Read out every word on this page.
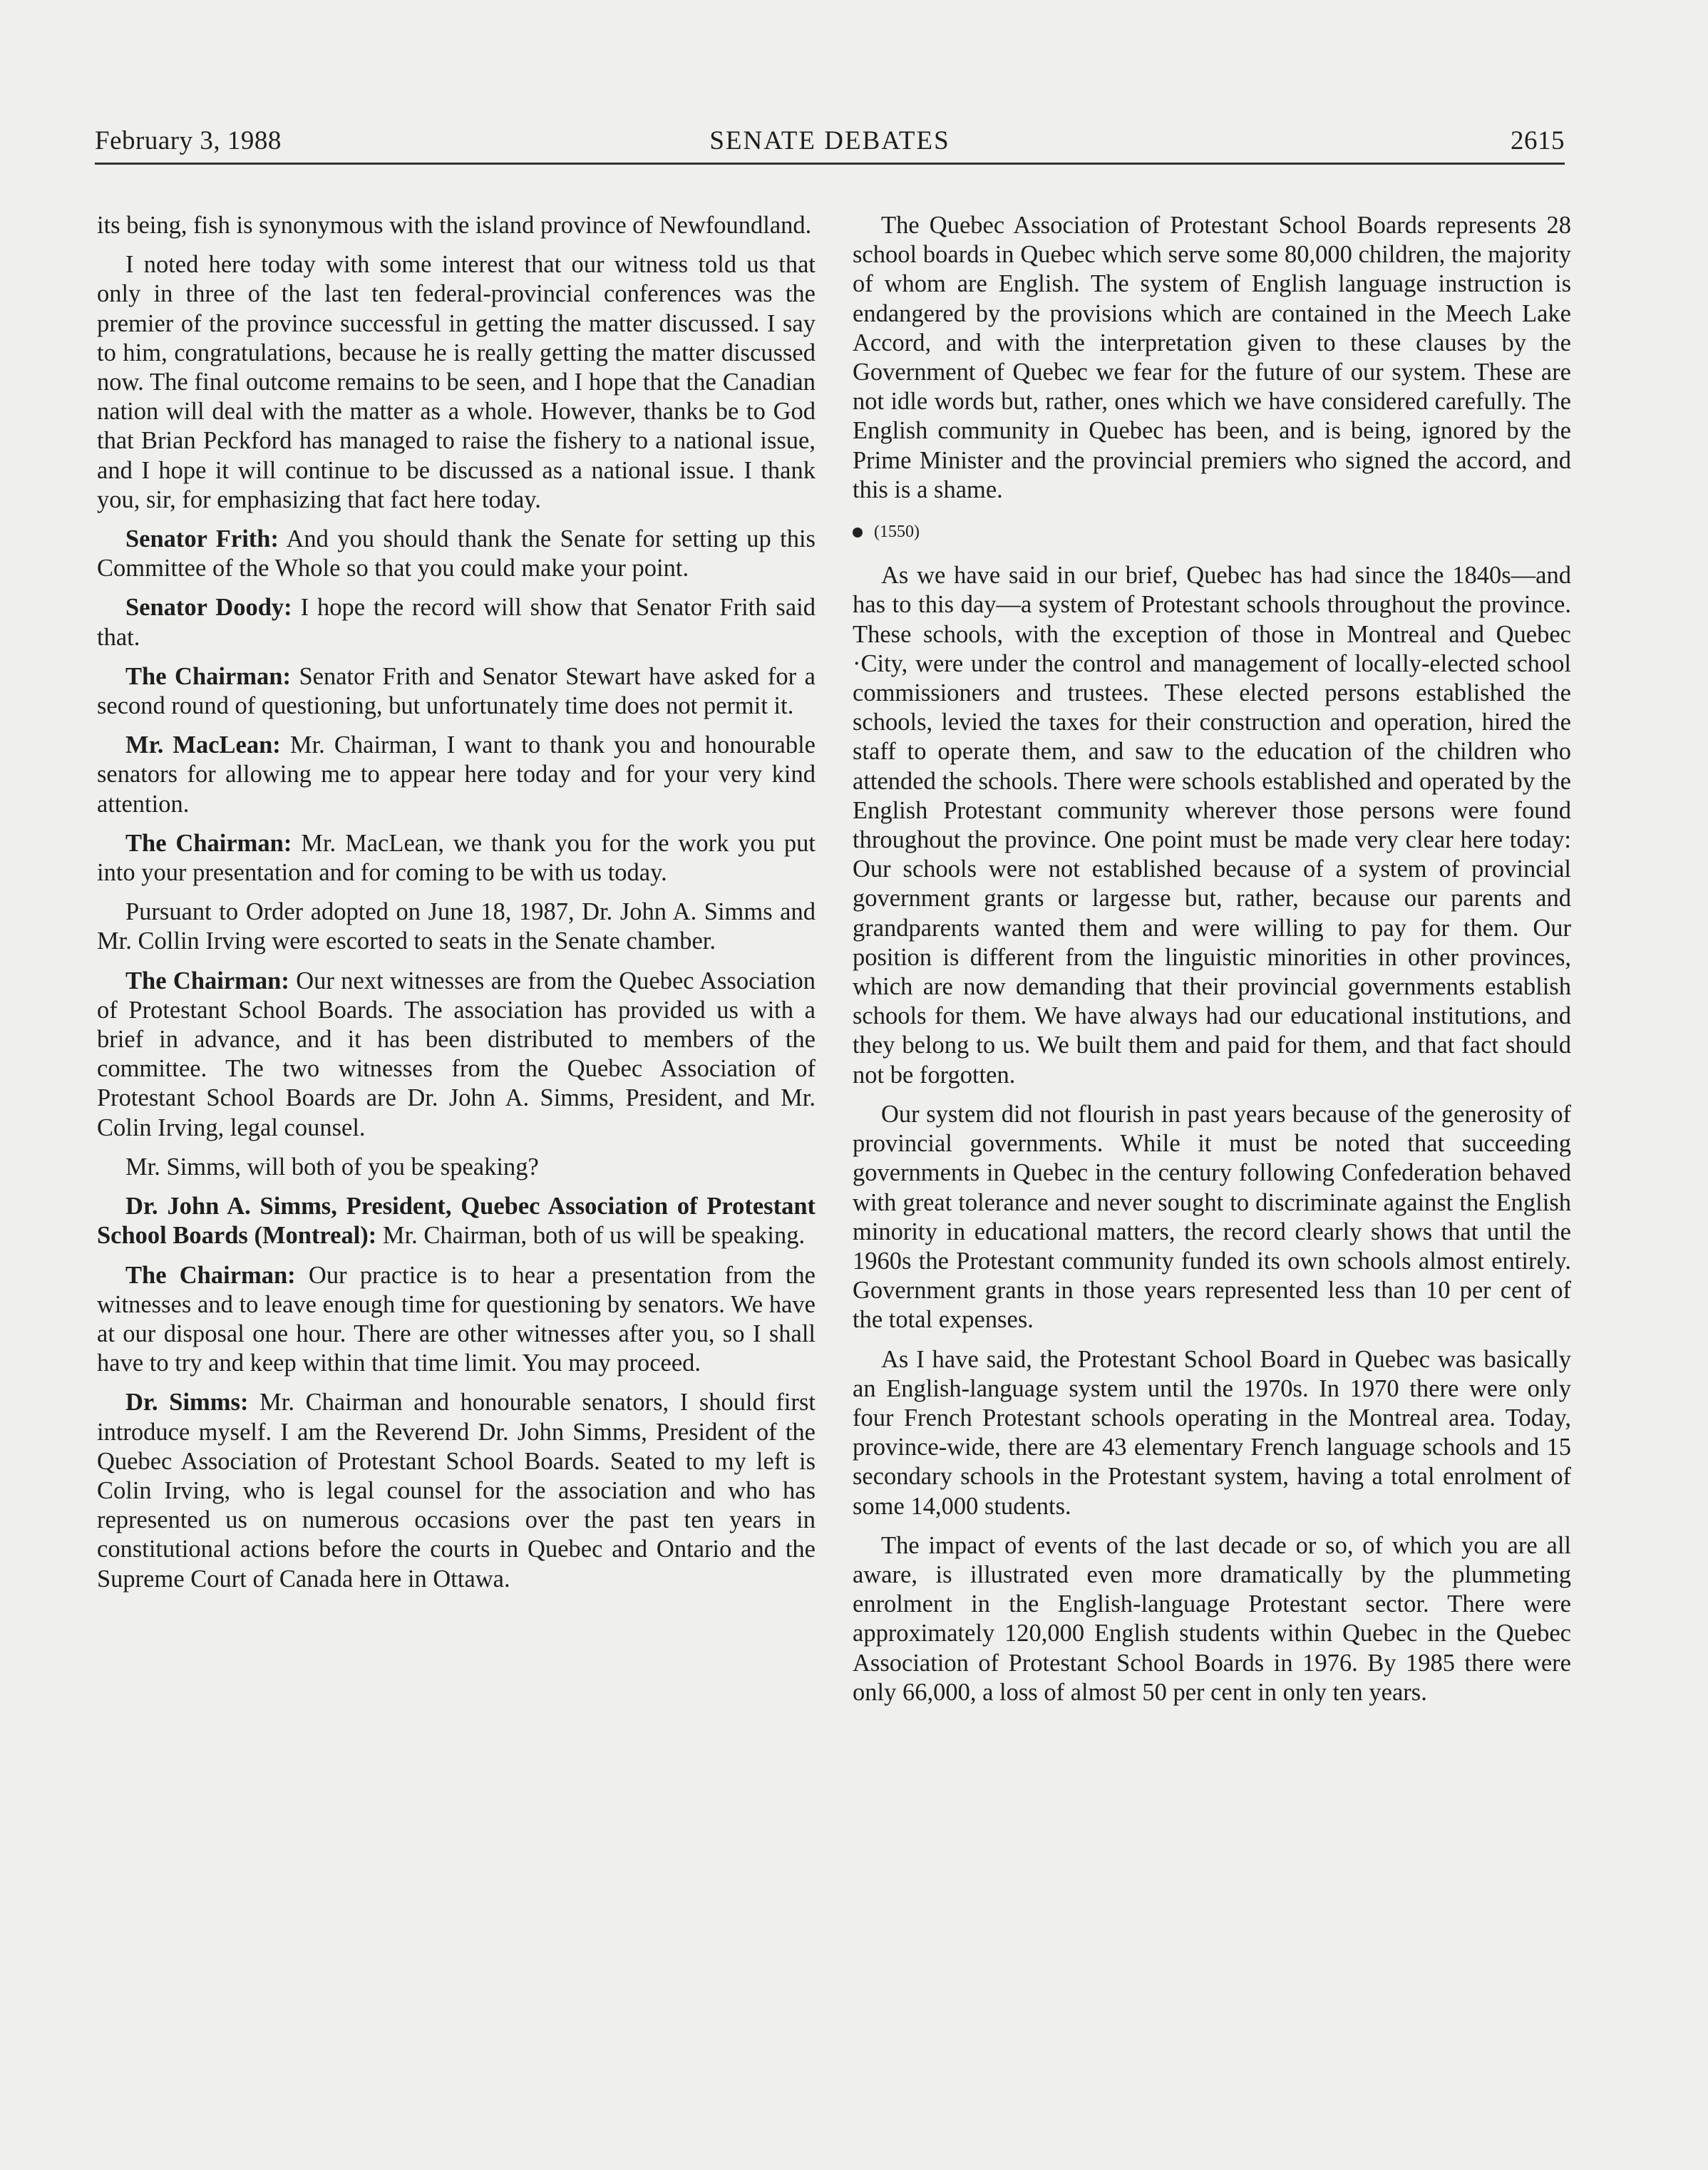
February 3, 1988	SENATE DEBATES	2615

its being, fish is synonymous with the island province of Newfoundland.

I noted here today with some interest that our witness told us that only in three of the last ten federal-provincial conferences was the premier of the province successful in getting the matter discussed. I say to him, congratulations, because he is really getting the matter discussed now. The final outcome remains to be seen, and I hope that the Canadian nation will deal with the matter as a whole. However, thanks be to God that Brian Peckford has managed to raise the fishery to a national issue, and I hope it will continue to be discussed as a national issue. I thank you, sir, for emphasizing that fact here today.

Senator Frith: And you should thank the Senate for setting up this Committee of the Whole so that you could make your point.

Senator Doody: I hope the record will show that Senator Frith said that.

The Chairman: Senator Frith and Senator Stewart have asked for a second round of questioning, but unfortunately time does not permit it.

Mr. MacLean: Mr. Chairman, I want to thank you and honourable senators for allowing me to appear here today and for your very kind attention.

The Chairman: Mr. MacLean, we thank you for the work you put into your presentation and for coming to be with us today.

Pursuant to Order adopted on June 18, 1987, Dr. John A. Simms and Mr. Collin Irving were escorted to seats in the Senate chamber.

The Chairman: Our next witnesses are from the Quebec Association of Protestant School Boards. The association has provided us with a brief in advance, and it has been distributed to members of the committee. The two witnesses from the Quebec Association of Protestant School Boards are Dr. John A. Simms, President, and Mr. Colin Irving, legal counsel.

Mr. Simms, will both of you be speaking?

Dr. John A. Simms, President, Quebec Association of Protestant School Boards (Montreal): Mr. Chairman, both of us will be speaking.

The Chairman: Our practice is to hear a presentation from the witnesses and to leave enough time for questioning by senators. We have at our disposal one hour. There are other witnesses after you, so I shall have to try and keep within that time limit. You may proceed.

Dr. Simms: Mr. Chairman and honourable senators, I should first introduce myself. I am the Reverend Dr. John Simms, President of the Quebec Association of Protestant School Boards. Seated to my left is Colin Irving, who is legal counsel for the association and who has represented us on numerous occasions over the past ten years in constitutional actions before the courts in Quebec and Ontario and the Supreme Court of Canada here in Ottawa.

The Quebec Association of Protestant School Boards represents 28 school boards in Quebec which serve some 80,000 children, the majority of whom are English. The system of English language instruction is endangered by the provisions which are contained in the Meech Lake Accord, and with the interpretation given to these clauses by the Government of Quebec we fear for the future of our system. These are not idle words but, rather, ones which we have considered carefully. The English community in Quebec has been, and is being, ignored by the Prime Minister and the provincial premiers who signed the accord, and this is a shame.

(1550)

As we have said in our brief, Quebec has had since the 1840s—and has to this day—a system of Protestant schools throughout the province. These schools, with the exception of those in Montreal and Quebec ·City, were under the control and management of locally-elected school commissioners and trustees. These elected persons established the schools, levied the taxes for their construction and operation, hired the staff to operate them, and saw to the education of the children who attended the schools. There were schools established and operated by the English Protestant community wherever those persons were found throughout the province. One point must be made very clear here today: Our schools were not established because of a system of provincial government grants or largesse but, rather, because our parents and grandparents wanted them and were willing to pay for them. Our position is different from the linguistic minorities in other provinces, which are now demanding that their provincial governments establish schools for them. We have always had our educational institutions, and they belong to us. We built them and paid for them, and that fact should not be forgotten.

Our system did not flourish in past years because of the generosity of provincial governments. While it must be noted that succeeding governments in Quebec in the century following Confederation behaved with great tolerance and never sought to discriminate against the English minority in educational matters, the record clearly shows that until the 1960s the Protestant community funded its own schools almost entirely. Government grants in those years represented less than 10 per cent of the total expenses.

As I have said, the Protestant School Board in Quebec was basically an English-language system until the 1970s. In 1970 there were only four French Protestant schools operating in the Montreal area. Today, province-wide, there are 43 elementary French language schools and 15 secondary schools in the Protestant system, having a total enrolment of some 14,000 students.

The impact of events of the last decade or so, of which you are all aware, is illustrated even more dramatically by the plummeting enrolment in the English-language Protestant sector. There were approximately 120,000 English students within Quebec in the Quebec Association of Protestant School Boards in 1976. By 1985 there were only 66,000, a loss of almost 50 per cent in only ten years.
